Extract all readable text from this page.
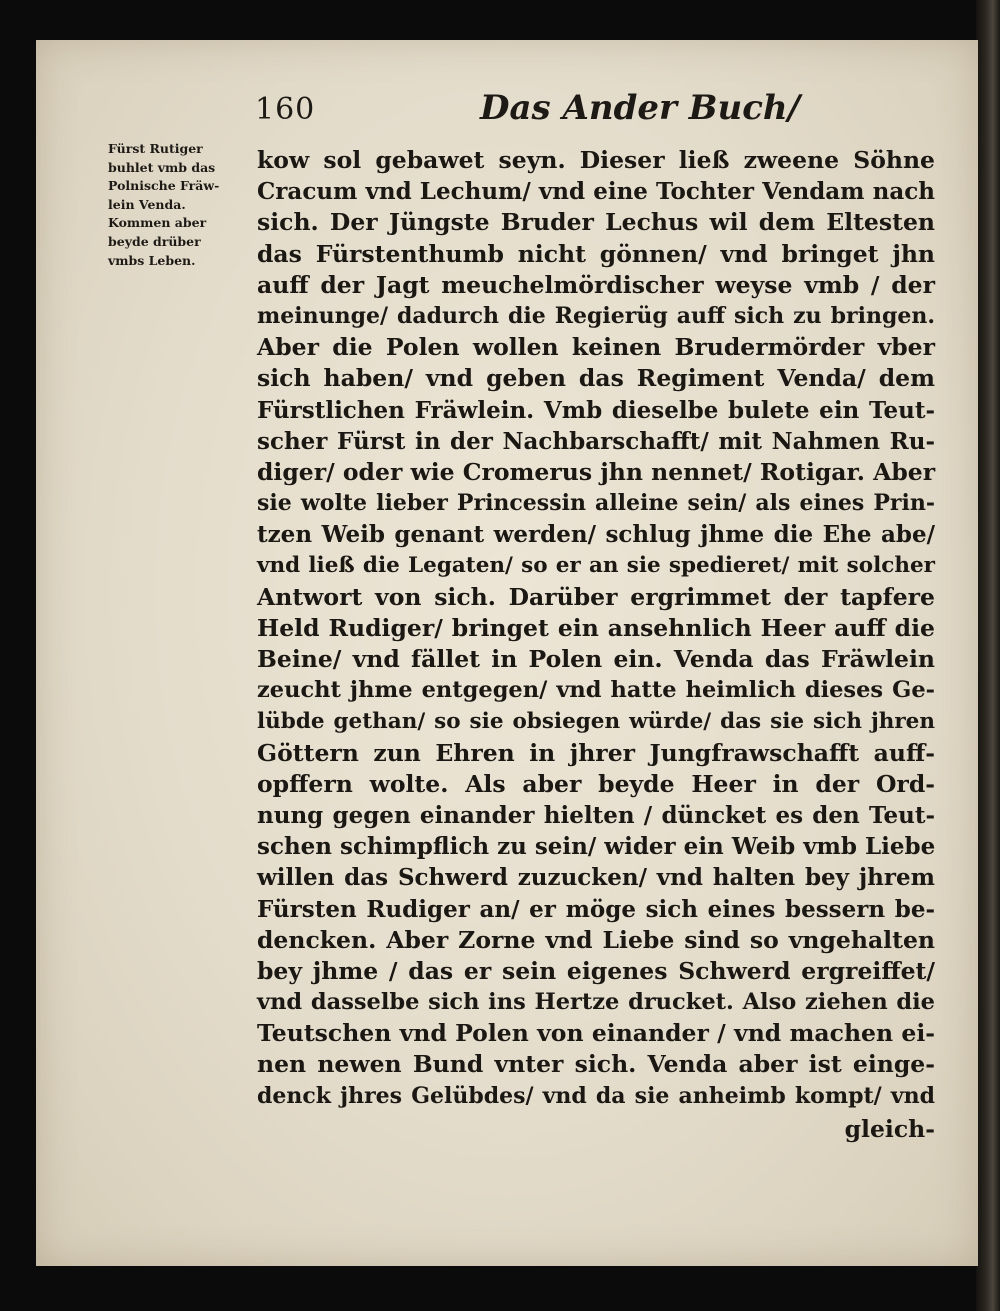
160	Das Ander Buch/
Fürst Rutiger
buhlet vmb das
Polnische Fräw-
lein Venda.
Kommen aber
beyde drüber
vmbs Leben.
kow sol gebawet seyn. Dieser ließ zweene Söhne
Cracum vnd Lechum/ vnd eine Tochter Vendam nach
sich. Der Jüngste Bruder Lechus wil dem Eltesten
das Fürstenthumb nicht gönnen/ vnd bringet jhn
auff der Jagt meuchelmördischer weyse vmb / der
meinunge/ dadurch die Regierüg auff sich zu bringen.
Aber die Polen wollen keinen Brudermörder vber
sich haben/ vnd geben das Regiment Venda/ dem
Fürstlichen Fräwlein. Vmb dieselbe bulete ein Teut-
scher Fürst in der Nachbarschafft/ mit Nahmen Ru-
diger/ oder wie Cromerus jhn nennet/ Rotigar. Aber
sie wolte lieber Princessin alleine sein/ als eines Prin-
tzen Weib genant werden/ schlug jhme die Ehe abe/
vnd ließ die Legaten/ so er an sie spedieret/ mit solcher
Antwort von sich. Darüber ergrimmet der tapfere
Held Rudiger/ bringet ein ansehnlich Heer auff die
Beine/ vnd fället in Polen ein. Venda das Fräwlein
zeucht jhme entgegen/ vnd hatte heimlich dieses Ge-
lübde gethan/ so sie obsiegen würde/ das sie sich jhren
Göttern zun Ehren in jhrer Jungfrawschafft auff-
opffern wolte. Als aber beyde Heer in der Ord-
nung gegen einander hielten / düncket es den Teut-
schen schimpflich zu sein/ wider ein Weib vmb Liebe
willen das Schwerd zuzucken/ vnd halten bey jhrem
Fürsten Rudiger an/ er möge sich eines bessern be-
dencken. Aber Zorne vnd Liebe sind so vngehalten
bey jhme / das er sein eigenes Schwerd ergreiffet/
vnd dasselbe sich ins Hertze drucket. Also ziehen die
Teutschen vnd Polen von einander / vnd machen ei-
nen newen Bund vnter sich. Venda aber ist einge-
denck jhres Gelübdes/ vnd da sie anheimb kompt/ vnd
gleich-
